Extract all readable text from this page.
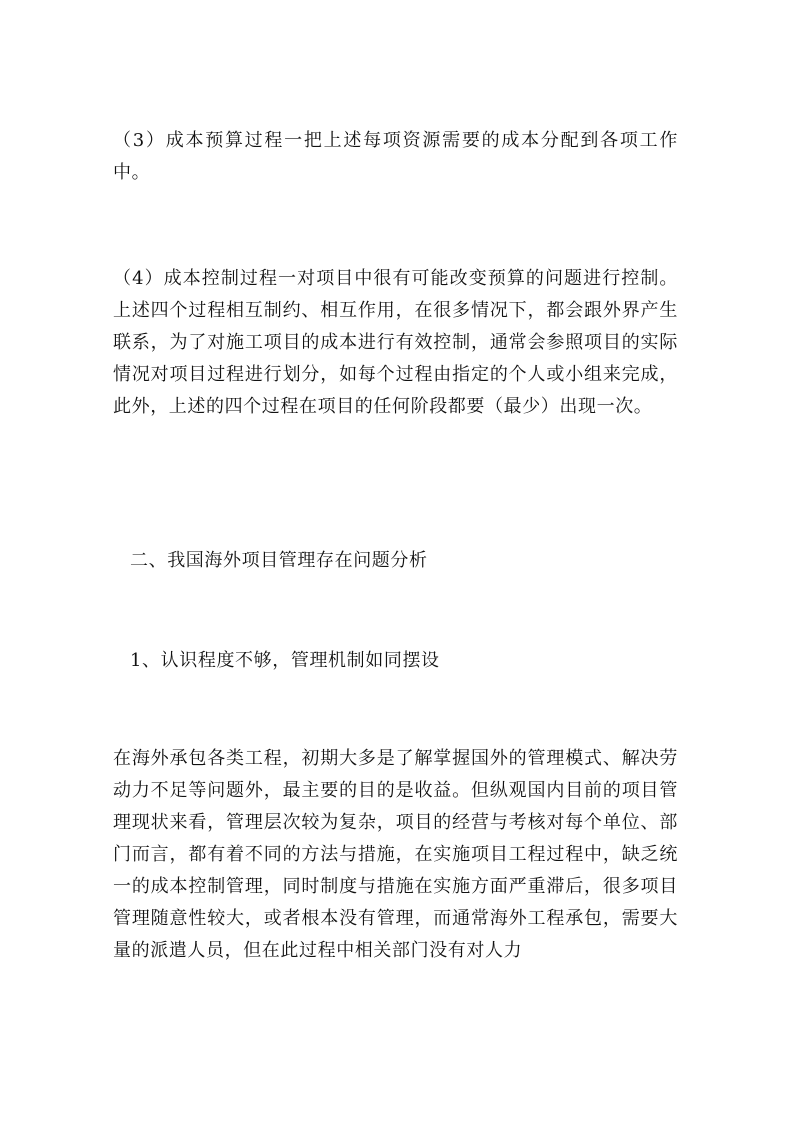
（3）成本预算过程一把上述每项资源需要的成本分配到各项工作中。

（4）成本控制过程一对项目中很有可能改变预算的问题进行控制。上述四个过程相互制约、相互作用，在很多情况下，都会跟外界产生联系，为了对施工项目的成本进行有效控制，通常会参照项目的实际情况对项目过程进行划分，如每个过程由指定的个人或小组来完成，此外，上述的四个过程在项目的任何阶段都要（最少）出现一次。

二、我国海外项目管理存在问题分析

1、认识程度不够，管理机制如同摆设

在海外承包各类工程，初期大多是了解掌握国外的管理模式、解决劳动力不足等问题外，最主要的目的是收益。但纵观国内目前的项目管理现状来看，管理层次较为复杂，项目的经营与考核对每个单位、部门而言，都有着不同的方法与措施，在实施项目工程过程中，缺乏统一的成本控制管理，同时制度与措施在实施方面严重滞后，很多项目管理随意性较大，或者根本没有管理，而通常海外工程承包，需要大量的派遣人员，但在此过程中相关部门没有对人力
